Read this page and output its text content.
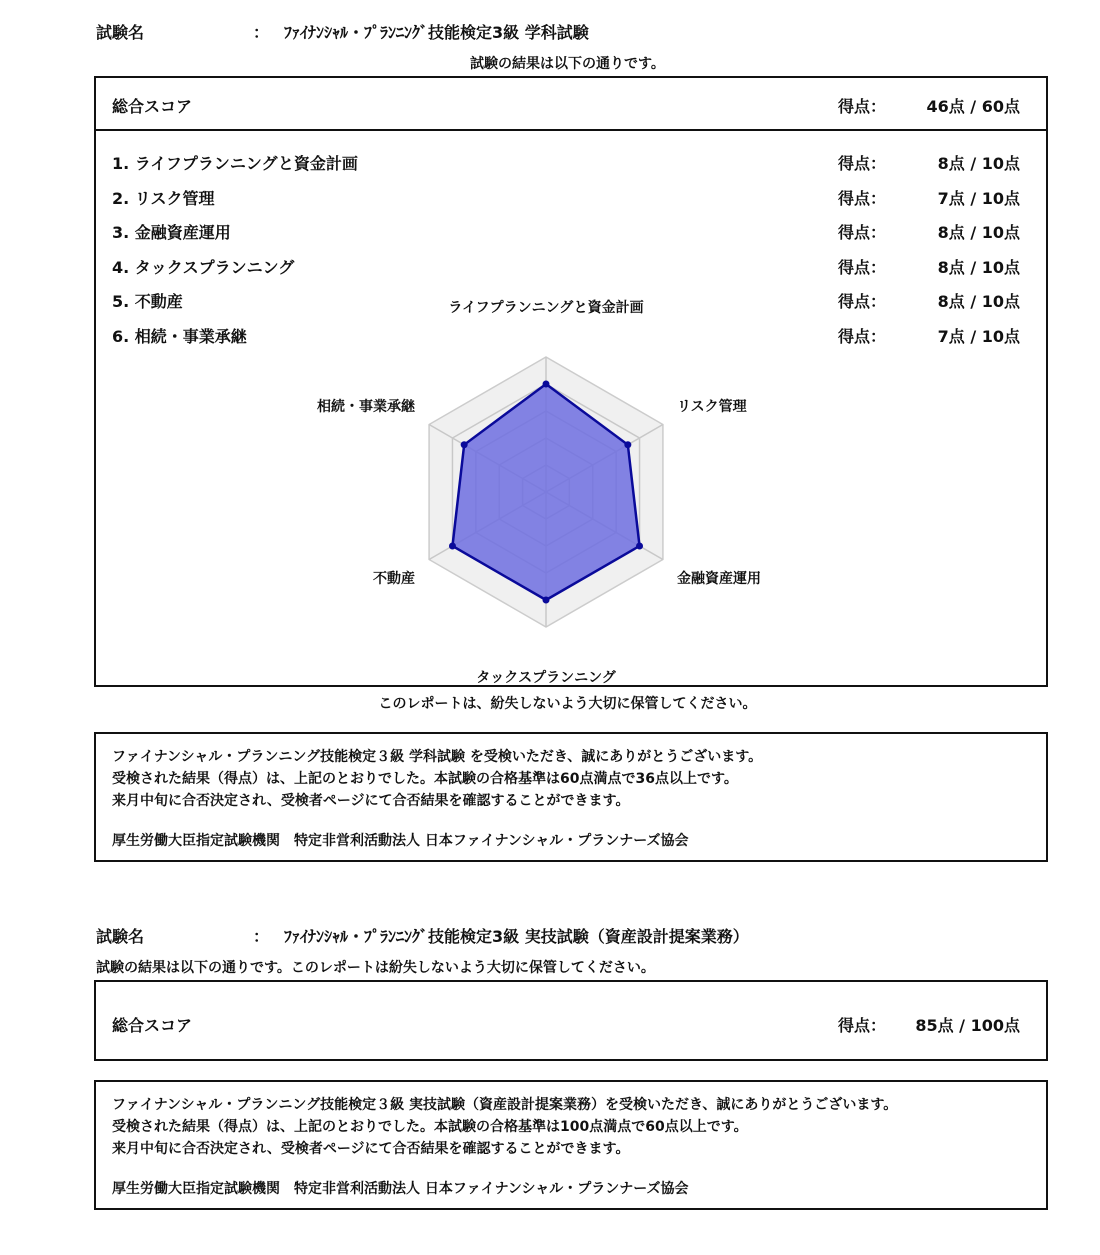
試験名	： ﾌｧｲﾅﾝｼｬﾙ・ﾌﾟﾗﾝﾆﾝｸﾞ技能検定3級 学科試験
試験の結果は以下の通りです。
総合スコア	得点：	46点 / 60点
1. ライフプランニングと資金計画	得点：	8点 / 10点
2. リスク管理	得点：	7点 / 10点
3. 金融資産運用	得点：	8点 / 10点
4. タックスプランニング	得点：	8点 / 10点
5. 不動産	得点：	8点 / 10点
6. 相続・事業承継	得点：	7点 / 10点
ライフプランニングと資金計画
リスク管理
金融資産運用
タックスプランニング
不動産
相続・事業承継
このレポートは、紛失しないよう大切に保管してください。
ファイナンシャル・プランニング技能検定３級 学科試験 を受検いただき、誠にありがとうございます。
受検された結果（得点）は、上記のとおりでした。本試験の合格基準は60点満点で36点以上です。
来月中旬に合否決定され、受検者ページにて合否結果を確認することができます。
厚生労働大臣指定試験機関　特定非営利活動法人 日本ファイナンシャル・プランナーズ協会
試験名	： ﾌｧｲﾅﾝｼｬﾙ・ﾌﾟﾗﾝﾆﾝｸﾞ技能検定3級 実技試験（資産設計提案業務）
試験の結果は以下の通りです。このレポートは紛失しないよう大切に保管してください。
総合スコア	得点：	85点 / 100点
ファイナンシャル・プランニング技能検定３級 実技試験（資産設計提案業務）を受検いただき、誠にありがとうございます。
受検された結果（得点）は、上記のとおりでした。本試験の合格基準は100点満点で60点以上です。
来月中旬に合否決定され、受検者ページにて合否結果を確認することができます。
厚生労働大臣指定試験機関　特定非営利活動法人 日本ファイナンシャル・プランナーズ協会
